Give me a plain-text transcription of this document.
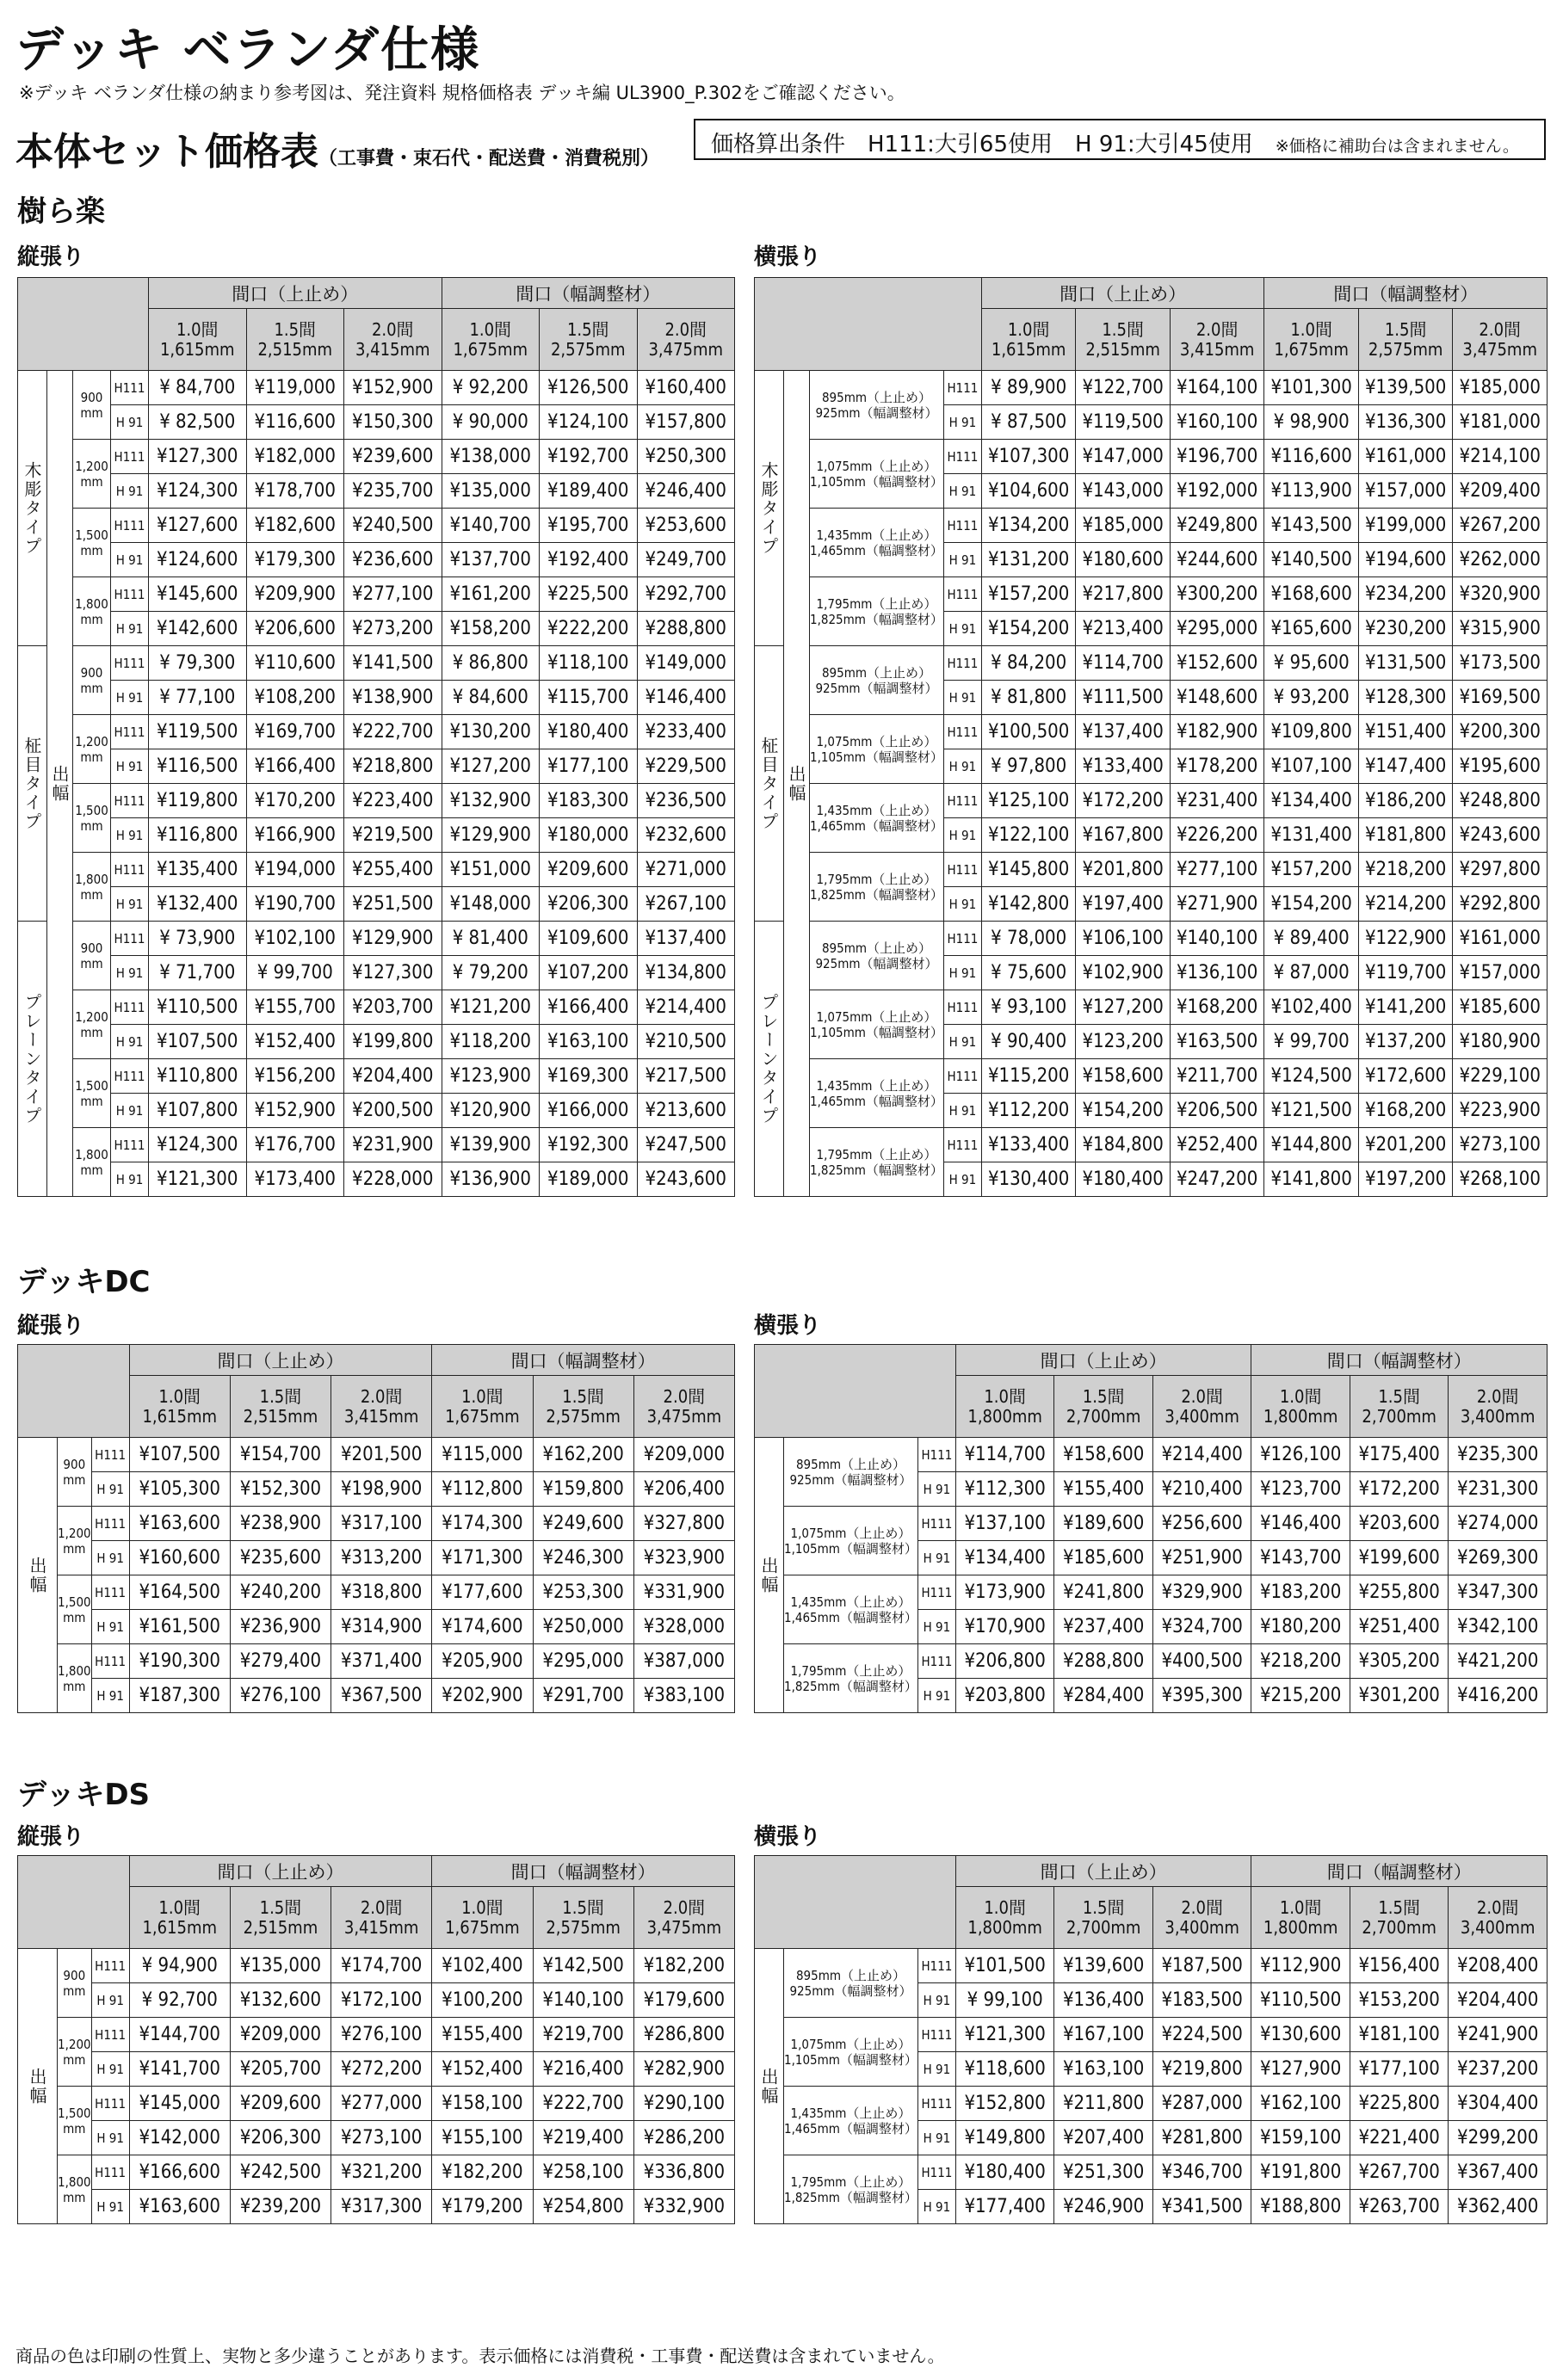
デッキ ベランダ仕様
※デッキ ベランダ仕様の納まり参考図は、発注資料 規格価格表 デッキ編 UL3900_P.302をご確認ください。
本体セット価格表（工事費・束石代・配送費・消費税別）
価格算出条件　H111:大引65使用　H 91:大引45使用　 ※価格に補助台は含まれません。
樹ら楽
縦張り	横張り
				間口（上止め）			間口（幅調整材）		
				1.0間
1,615mm	1.5間
2,515mm	2.0間
3,415mm	1.0間
1,675mm	1.5間
2,575mm	2.0間
3,475mm
木彫タイプ	出幅	900
mm	H111	¥ 84,700	¥119,000	¥152,900	¥ 92,200	¥126,500	¥160,400
			H 91	¥ 82,500	¥116,600	¥150,300	¥ 90,000	¥124,100	¥157,800
		1,200
mm	H111	¥127,300	¥182,000	¥239,600	¥138,000	¥192,700	¥250,300
			H 91	¥124,300	¥178,700	¥235,700	¥135,000	¥189,400	¥246,400
		1,500
mm	H111	¥127,600	¥182,600	¥240,500	¥140,700	¥195,700	¥253,600
			H 91	¥124,600	¥179,300	¥236,600	¥137,700	¥192,400	¥249,700
		1,800
mm	H111	¥145,600	¥209,900	¥277,100	¥161,200	¥225,500	¥292,700
			H 91	¥142,600	¥206,600	¥273,200	¥158,200	¥222,200	¥288,800
柾目タイプ		900
mm	H111	¥ 79,300	¥110,600	¥141,500	¥ 86,800	¥118,100	¥149,000
			H 91	¥ 77,100	¥108,200	¥138,900	¥ 84,600	¥115,700	¥146,400
		1,200
mm	H111	¥119,500	¥169,700	¥222,700	¥130,200	¥180,400	¥233,400
			H 91	¥116,500	¥166,400	¥218,800	¥127,200	¥177,100	¥229,500
		1,500
mm	H111	¥119,800	¥170,200	¥223,400	¥132,900	¥183,300	¥236,500
			H 91	¥116,800	¥166,900	¥219,500	¥129,900	¥180,000	¥232,600
		1,800
mm	H111	¥135,400	¥194,000	¥255,400	¥151,000	¥209,600	¥271,000
			H 91	¥132,400	¥190,700	¥251,500	¥148,000	¥206,300	¥267,100
プレーンタイプ		900
mm	H111	¥ 73,900	¥102,100	¥129,900	¥ 81,400	¥109,600	¥137,400
			H 91	¥ 71,700	¥ 99,700	¥127,300	¥ 79,200	¥107,200	¥134,800
		1,200
mm	H111	¥110,500	¥155,700	¥203,700	¥121,200	¥166,400	¥214,400
			H 91	¥107,500	¥152,400	¥199,800	¥118,200	¥163,100	¥210,500
		1,500
mm	H111	¥110,800	¥156,200	¥204,400	¥123,900	¥169,300	¥217,500
			H 91	¥107,800	¥152,900	¥200,500	¥120,900	¥166,000	¥213,600
		1,800
mm	H111	¥124,300	¥176,700	¥231,900	¥139,900	¥192,300	¥247,500
			H 91	¥121,300	¥173,400	¥228,000	¥136,900	¥189,000	¥243,600
				間口（上止め）			間口（幅調整材）		
				1.0間
1,615mm	1.5間
2,515mm	2.0間
3,415mm	1.0間
1,675mm	1.5間
2,575mm	2.0間
3,475mm
木彫タイプ	出幅	895mm（上止め）
925mm（幅調整材）	H111	¥ 89,900	¥122,700	¥164,100	¥101,300	¥139,500	¥185,000
			H 91	¥ 87,500	¥119,500	¥160,100	¥ 98,900	¥136,300	¥181,000
		1,075mm（上止め）
1,105mm（幅調整材）	H111	¥107,300	¥147,000	¥196,700	¥116,600	¥161,000	¥214,100
			H 91	¥104,600	¥143,000	¥192,000	¥113,900	¥157,000	¥209,400
		1,435mm（上止め）
1,465mm（幅調整材）	H111	¥134,200	¥185,000	¥249,800	¥143,500	¥199,000	¥267,200
			H 91	¥131,200	¥180,600	¥244,600	¥140,500	¥194,600	¥262,000
		1,795mm（上止め）
1,825mm（幅調整材）	H111	¥157,200	¥217,800	¥300,200	¥168,600	¥234,200	¥320,900
			H 91	¥154,200	¥213,400	¥295,000	¥165,600	¥230,200	¥315,900
柾目タイプ		895mm（上止め）
925mm（幅調整材）	H111	¥ 84,200	¥114,700	¥152,600	¥ 95,600	¥131,500	¥173,500
			H 91	¥ 81,800	¥111,500	¥148,600	¥ 93,200	¥128,300	¥169,500
		1,075mm（上止め）
1,105mm（幅調整材）	H111	¥100,500	¥137,400	¥182,900	¥109,800	¥151,400	¥200,300
			H 91	¥ 97,800	¥133,400	¥178,200	¥107,100	¥147,400	¥195,600
		1,435mm（上止め）
1,465mm（幅調整材）	H111	¥125,100	¥172,200	¥231,400	¥134,400	¥186,200	¥248,800
			H 91	¥122,100	¥167,800	¥226,200	¥131,400	¥181,800	¥243,600
		1,795mm（上止め）
1,825mm（幅調整材）	H111	¥145,800	¥201,800	¥277,100	¥157,200	¥218,200	¥297,800
			H 91	¥142,800	¥197,400	¥271,900	¥154,200	¥214,200	¥292,800
プレーンタイプ		895mm（上止め）
925mm（幅調整材）	H111	¥ 78,000	¥106,100	¥140,100	¥ 89,400	¥122,900	¥161,000
			H 91	¥ 75,600	¥102,900	¥136,100	¥ 87,000	¥119,700	¥157,000
		1,075mm（上止め）
1,105mm（幅調整材）	H111	¥ 93,100	¥127,200	¥168,200	¥102,400	¥141,200	¥185,600
			H 91	¥ 90,400	¥123,200	¥163,500	¥ 99,700	¥137,200	¥180,900
		1,435mm（上止め）
1,465mm（幅調整材）	H111	¥115,200	¥158,600	¥211,700	¥124,500	¥172,600	¥229,100
			H 91	¥112,200	¥154,200	¥206,500	¥121,500	¥168,200	¥223,900
		1,795mm（上止め）
1,825mm（幅調整材）	H111	¥133,400	¥184,800	¥252,400	¥144,800	¥201,200	¥273,100
			H 91	¥130,400	¥180,400	¥247,200	¥141,800	¥197,200	¥268,100
デッキDC
縦張り	横張り
			間口（上止め）			間口（幅調整材）		
			1.0間
1,615mm	1.5間
2,515mm	2.0間
3,415mm	1.0間
1,675mm	1.5間
2,575mm	2.0間
3,475mm
出幅	900
mm	H111	¥107,500	¥154,700	¥201,500	¥115,000	¥162,200	¥209,000
		H 91	¥105,300	¥152,300	¥198,900	¥112,800	¥159,800	¥206,400
	1,200
mm	H111	¥163,600	¥238,900	¥317,100	¥174,300	¥249,600	¥327,800
		H 91	¥160,600	¥235,600	¥313,200	¥171,300	¥246,300	¥323,900
	1,500
mm	H111	¥164,500	¥240,200	¥318,800	¥177,600	¥253,300	¥331,900
		H 91	¥161,500	¥236,900	¥314,900	¥174,600	¥250,000	¥328,000
	1,800
mm	H111	¥190,300	¥279,400	¥371,400	¥205,900	¥295,000	¥387,000
		H 91	¥187,300	¥276,100	¥367,500	¥202,900	¥291,700	¥383,100
			間口（上止め）			間口（幅調整材）		
			1.0間
1,800mm	1.5間
2,700mm	2.0間
3,400mm	1.0間
1,800mm	1.5間
2,700mm	2.0間
3,400mm
出幅	895mm（上止め）
925mm（幅調整材）	H111	¥114,700	¥158,600	¥214,400	¥126,100	¥175,400	¥235,300
		H 91	¥112,300	¥155,400	¥210,400	¥123,700	¥172,200	¥231,300
	1,075mm（上止め）
1,105mm（幅調整材）	H111	¥137,100	¥189,600	¥256,600	¥146,400	¥203,600	¥274,000
		H 91	¥134,400	¥185,600	¥251,900	¥143,700	¥199,600	¥269,300
	1,435mm（上止め）
1,465mm（幅調整材）	H111	¥173,900	¥241,800	¥329,900	¥183,200	¥255,800	¥347,300
		H 91	¥170,900	¥237,400	¥324,700	¥180,200	¥251,400	¥342,100
	1,795mm（上止め）
1,825mm（幅調整材）	H111	¥206,800	¥288,800	¥400,500	¥218,200	¥305,200	¥421,200
		H 91	¥203,800	¥284,400	¥395,300	¥215,200	¥301,200	¥416,200
デッキDS
縦張り	横張り
			間口（上止め）			間口（幅調整材）		
			1.0間
1,615mm	1.5間
2,515mm	2.0間
3,415mm	1.0間
1,675mm	1.5間
2,575mm	2.0間
3,475mm
出幅	900
mm	H111	¥ 94,900	¥135,000	¥174,700	¥102,400	¥142,500	¥182,200
		H 91	¥ 92,700	¥132,600	¥172,100	¥100,200	¥140,100	¥179,600
	1,200
mm	H111	¥144,700	¥209,000	¥276,100	¥155,400	¥219,700	¥286,800
		H 91	¥141,700	¥205,700	¥272,200	¥152,400	¥216,400	¥282,900
	1,500
mm	H111	¥145,000	¥209,600	¥277,000	¥158,100	¥222,700	¥290,100
		H 91	¥142,000	¥206,300	¥273,100	¥155,100	¥219,400	¥286,200
	1,800
mm	H111	¥166,600	¥242,500	¥321,200	¥182,200	¥258,100	¥336,800
		H 91	¥163,600	¥239,200	¥317,300	¥179,200	¥254,800	¥332,900
			間口（上止め）			間口（幅調整材）		
			1.0間
1,800mm	1.5間
2,700mm	2.0間
3,400mm	1.0間
1,800mm	1.5間
2,700mm	2.0間
3,400mm
出幅	895mm（上止め）
925mm（幅調整材）	H111	¥101,500	¥139,600	¥187,500	¥112,900	¥156,400	¥208,400
		H 91	¥ 99,100	¥136,400	¥183,500	¥110,500	¥153,200	¥204,400
	1,075mm（上止め）
1,105mm（幅調整材）	H111	¥121,300	¥167,100	¥224,500	¥130,600	¥181,100	¥241,900
		H 91	¥118,600	¥163,100	¥219,800	¥127,900	¥177,100	¥237,200
	1,435mm（上止め）
1,465mm（幅調整材）	H111	¥152,800	¥211,800	¥287,000	¥162,100	¥225,800	¥304,400
		H 91	¥149,800	¥207,400	¥281,800	¥159,100	¥221,400	¥299,200
	1,795mm（上止め）
1,825mm（幅調整材）	H111	¥180,400	¥251,300	¥346,700	¥191,800	¥267,700	¥367,400
		H 91	¥177,400	¥246,900	¥341,500	¥188,800	¥263,700	¥362,400
商品の色は印刷の性質上、実物と多少違うことがあります。表示価格には消費税・工事費・配送費は含まれていません。
